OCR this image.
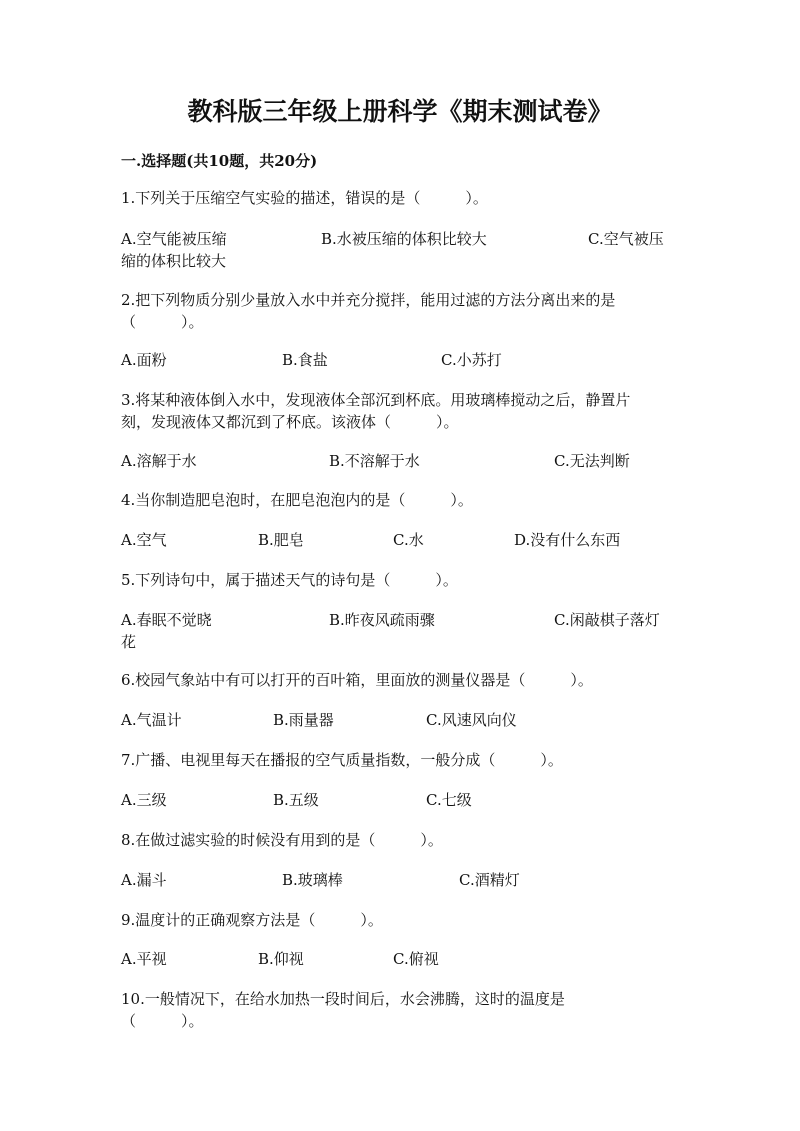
教科版三年级上册科学《期末测试卷》
一.选择题(共10题，共20分)
1.下列关于压缩空气实验的描述，错误的是（　　　）。
A.空气能被压缩	B.水被压缩的体积比较大	C.空气被压
缩的体积比较大
2.把下列物质分别少量放入水中并充分搅拌，能用过滤的方法分离出来的是
（　　　）。
A.面粉	B.食盐	C.小苏打
3.将某种液体倒入水中，发现液体全部沉到杯底。用玻璃棒搅动之后，静置片
刻，发现液体又都沉到了杯底。该液体（　　　）。
A.溶解于水	B.不溶解于水	C.无法判断
4.当你制造肥皂泡时，在肥皂泡泡内的是（　　　）。
A.空气	B.肥皂	C.水	D.没有什么东西
5.下列诗句中，属于描述天气的诗句是（　　　）。
A.春眠不觉晓	B.昨夜风疏雨骤	C.闲敲棋子落灯
花
6.校园气象站中有可以打开的百叶箱，里面放的测量仪器是（　　　）。
A.气温计	B.雨量器	C.风速风向仪
7.广播、电视里每天在播报的空气质量指数，一般分成（　　　）。
A.三级	B.五级	C.七级
8.在做过滤实验的时候没有用到的是（　　　）。
A.漏斗	B.玻璃棒	C.酒精灯
9.温度计的正确观察方法是（　　　）。
A.平视	B.仰视	C.俯视
10.一般情况下，在给水加热一段时间后，水会沸腾，这时的温度是
（　　　）。
